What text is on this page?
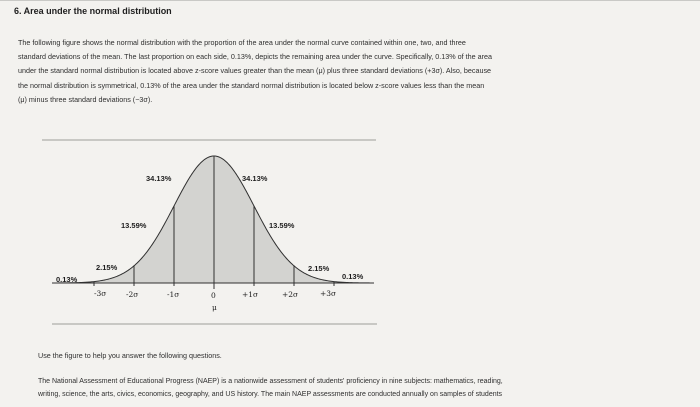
6. Area under the normal distribution
The following figure shows the normal distribution with the proportion of the area under the normal curve contained within one, two, and three
standard deviations of the mean. The last proportion on each side, 0.13%, depicts the remaining area under the curve. Specifically, 0.13% of the area
under the standard normal distribution is located above z-score values greater than the mean (μ) plus three standard deviations (+3σ). Also, because
the normal distribution is symmetrical, 0.13% of the area under the standard normal distribution is located below z-score values less than the mean
(μ) minus three standard deviations (−3σ).
0.13%
2.15%
13.59%
34.13%	34.13%
13.59%
2.15%
0.13%
-3σ	-2σ	-1σ	0	+1σ	+2σ	+3σ
μ
Use the figure to help you answer the following questions.
The National Assessment of Educational Progress (NAEP) is a nationwide assessment of students' proficiency in nine subjects: mathematics, reading,
writing, science, the arts, civics, economics, geography, and US history. The main NAEP assessments are conducted annually on samples of students
